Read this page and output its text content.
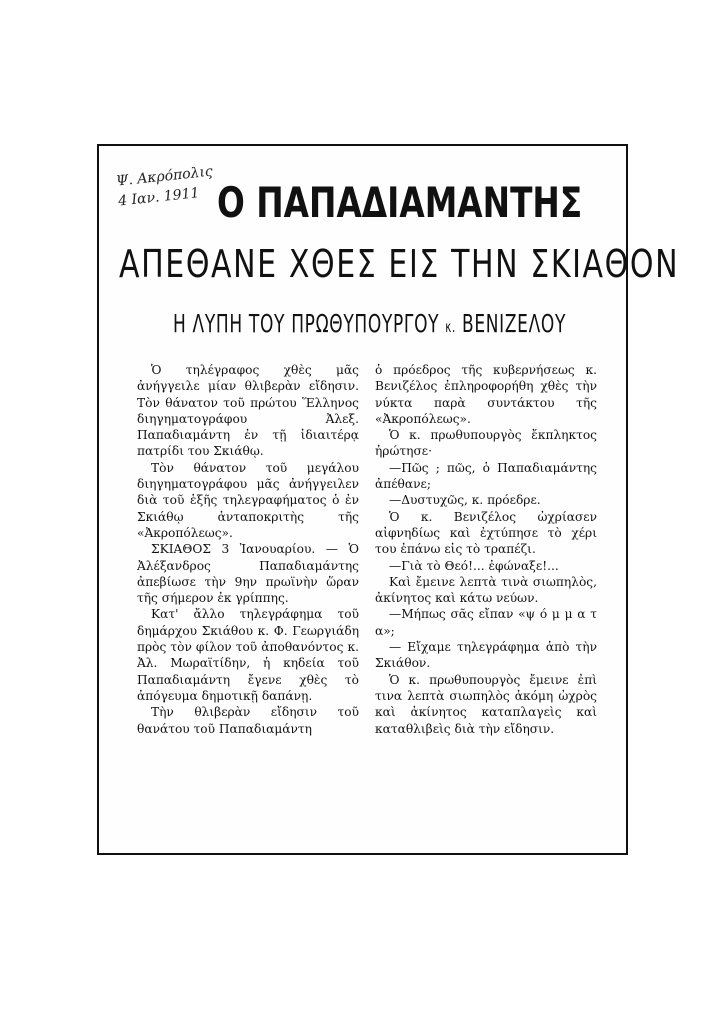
Ψ. Ακρόπολις
4 Ιαν. 1911 Ο ΠΑΠΑΔΙΑΜΑΝΤΗΣ
ΑΠΕΘΑΝΕ ΧΘΕΣ ΕΙΣ ΤΗΝ ΣΚΙΑΘΟΝ
Η ΛΥΠΗ ΤΟΥ ΠΡΩΘΥΠΟΥΡΓΟΥ κ. ΒΕΝΙΖΕΛΟΥ

Ὁ τηλέγραφος χθὲς μᾶς ἀνήγγειλε μίαν θλιβερὰν εἴδησιν. Τὸν θάνατον τοῦ πρώτου Ἕλληνος διηγηματογράφου Ἀλεξ. Παπαδιαμάντη ἐν τῇ ἰδιαιτέρᾳ πατρίδι του Σκιάθῳ.

Τὸν θάνατον τοῦ μεγάλου διηγηματογράφου μᾶς ἀνήγγειλεν διὰ τοῦ ἑξῆς τηλεγραφήματος ὁ ἐν Σκιάθῳ ἀνταποκριτὴς τῆς «Ἀκροπόλεως».

ΣΚΙΑΘΟΣ 3 Ἰανουαρίου. — Ὁ Ἀλέξανδρος Παπαδιαμάντης ἀπεβίωσε τὴν 9ην πρωϊνὴν ὥραν τῆς σήμερον ἐκ γρίππης.

Κατ' ἄλλο τηλεγράφημα τοῦ δημάρχου Σκιάθου κ. Φ. Γεωργιάδη πρὸς τὸν φίλον τοῦ ἀποθανόντος κ. Ἀλ. Μωραϊτίδην, ἡ κηδεία τοῦ Παπαδιαμάντη ἔγενε χθὲς τὸ ἀπόγευμα δημοτικῇ δαπάνῃ.

Τὴν θλιβερὰν εἴδησιν τοῦ θανάτου τοῦ Παπαδιαμάντη

ὁ πρόεδρος τῆς κυβερνήσεως κ. Βενιζέλος ἐπληροφορήθη χθὲς τὴν νύκτα παρὰ συντάκτου τῆς «Ἀκροπόλεως».

Ὁ κ. πρωθυπουργὸς ἔκπληκτος ἠρώτησε·

—Πῶς ; πῶς, ὁ Παπαδιαμάντης ἀπέθανε;

—Δυστυχῶς, κ. πρόεδρε.

Ὁ κ. Βενιζέλος ὠχρίασεν αἰφνηδίως καὶ ἐχτύπησε τὸ χέρι του ἐπάνω εἰς τὸ τραπέζι.

—Γιὰ τὸ Θεό!... ἐφώναξε!...

Καὶ ἔμεινε λεπτὰ τινὰ σιωπηλὸς, ἀκίνητος καὶ κάτω νεύων.

—Μήπως σᾶς εἴπαν «ψ ό μ μ α τ α»;

— Εἴχαμε τηλεγράφημα ἀπὸ τὴν Σκιάθον.

Ὁ κ. πρωθυπουργὸς ἔμεινε ἐπὶ τινα λεπτὰ σιωπηλὸς ἀκόμη ὠχρὸς καὶ ἀκίνητος καταπλαγεὶς καὶ καταθλιβεὶς διὰ τὴν εἴδησιν.
